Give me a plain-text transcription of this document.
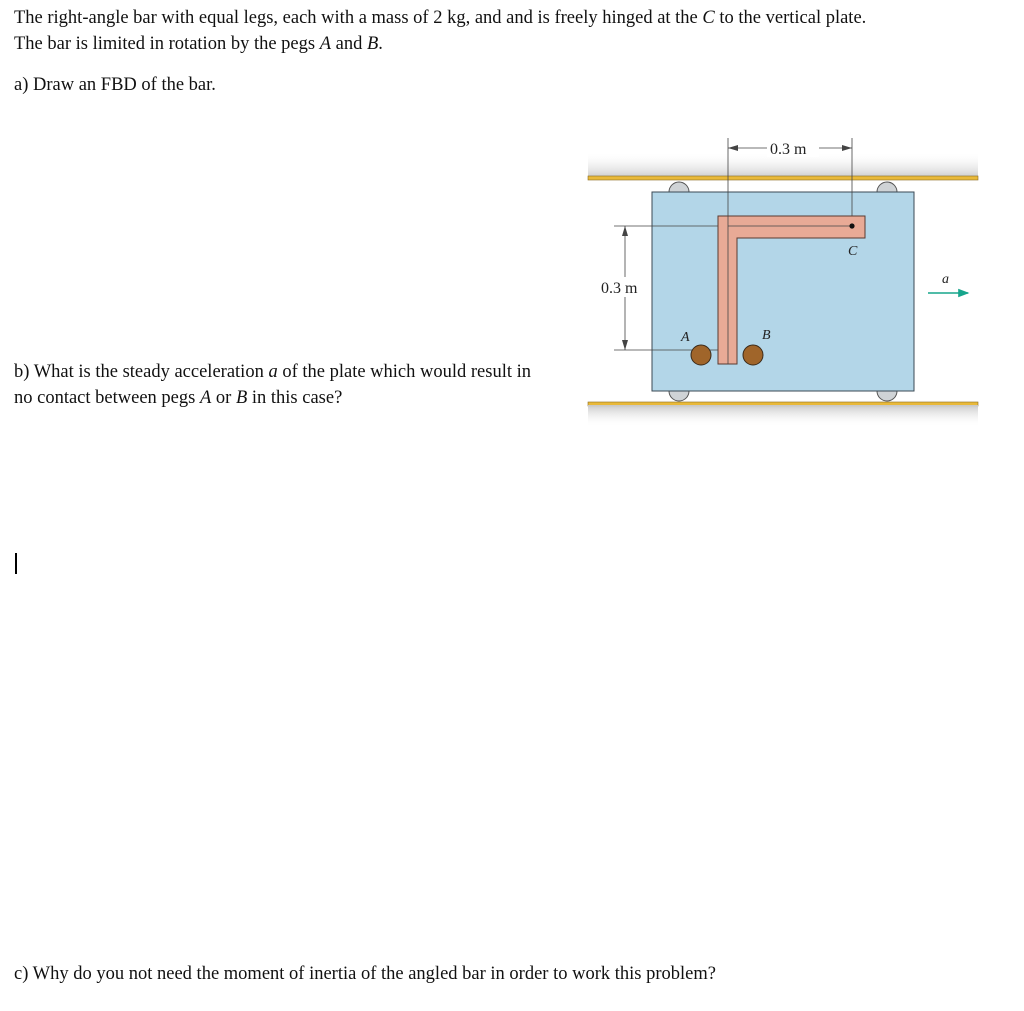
The right-angle bar with equal legs, each with a mass of 2 kg, and and is freely hinged at the C to the vertical plate. The bar is limited in rotation by the pegs A and B.

a) Draw an FBD of the bar.

b) What is the steady acceleration a of the plate which would result in no contact between pegs A or B in this case?

c) Why do you not need the moment of inertia of the angled bar in order to work this problem?

C
A	B
0.3 m
0.3 m
a
